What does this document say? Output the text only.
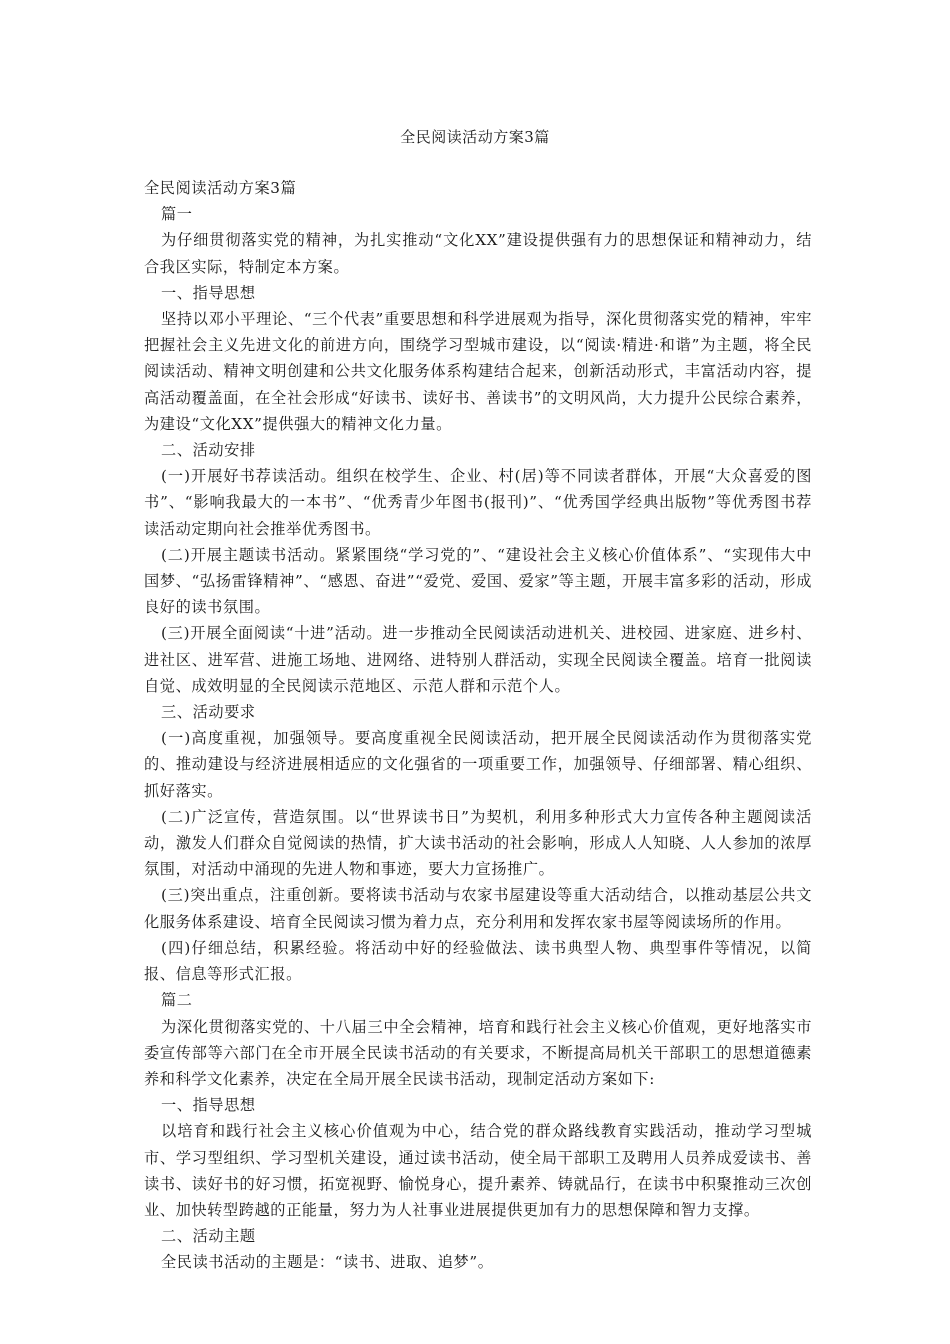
全民阅读活动方案3篇

全民阅读活动方案3篇

篇一

为仔细贯彻落实党的精神，为扎实推动“文化XX”建设提供强有力的思想保证和精神动力，结合我区实际，特制定本方案。

一、指导思想

坚持以邓小平理论、“三个代表”重要思想和科学进展观为指导，深化贯彻落实党的精神，牢牢把握社会主义先进文化的前进方向，围绕学习型城市建设，以“阅读·精进·和谐”为主题，将全民阅读活动、精神文明创建和公共文化服务体系构建结合起来，创新活动形式，丰富活动内容，提高活动覆盖面，在全社会形成“好读书、读好书、善读书”的文明风尚，大力提升公民综合素养，为建设“文化XX”提供强大的精神文化力量。

二、活动安排

(一)开展好书荐读活动。组织在校学生、企业、村(居)等不同读者群体，开展“大众喜爱的图书”、“影响我最大的一本书”、“优秀青少年图书(报刊)”、“优秀国学经典出版物”等优秀图书荐读活动定期向社会推举优秀图书。

(二)开展主题读书活动。紧紧围绕“学习党的”、“建设社会主义核心价值体系”、“实现伟大中国梦、“弘扬雷锋精神”、“感恩、奋进”“爱党、爱国、爱家”等主题，开展丰富多彩的活动，形成良好的读书氛围。

(三)开展全面阅读“十进”活动。进一步推动全民阅读活动进机关、进校园、进家庭、进乡村、进社区、进军营、进施工场地、进网络、进特别人群活动，实现全民阅读全覆盖。培育一批阅读自觉、成效明显的全民阅读示范地区、示范人群和示范个人。

三、活动要求

(一)高度重视，加强领导。要高度重视全民阅读活动，把开展全民阅读活动作为贯彻落实党的、推动建设与经济进展相适应的文化强省的一项重要工作，加强领导、仔细部署、精心组织、抓好落实。

(二)广泛宣传，营造氛围。以“世界读书日”为契机，利用多种形式大力宣传各种主题阅读活动，激发人们群众自觉阅读的热情，扩大读书活动的社会影响，形成人人知晓、人人参加的浓厚氛围，对活动中涌现的先进人物和事迹，要大力宣扬推广。

(三)突出重点，注重创新。要将读书活动与农家书屋建设等重大活动结合，以推动基层公共文化服务体系建设、培育全民阅读习惯为着力点，充分利用和发挥农家书屋等阅读场所的作用。

(四)仔细总结，积累经验。将活动中好的经验做法、读书典型人物、典型事件等情况，以简报、信息等形式汇报。

篇二

为深化贯彻落实党的、十八届三中全会精神，培育和践行社会主义核心价值观，更好地落实市委宣传部等六部门在全市开展全民读书活动的有关要求，不断提高局机关干部职工的思想道德素养和科学文化素养，决定在全局开展全民读书活动，现制定活动方案如下:

一、指导思想

以培育和践行社会主义核心价值观为中心，结合党的群众路线教育实践活动，推动学习型城市、学习型组织、学习型机关建设，通过读书活动，使全局干部职工及聘用人员养成爱读书、善读书、读好书的好习惯，拓宽视野、愉悦身心，提升素养、铸就品行，在读书中积聚推动三次创业、加快转型跨越的正能量，努力为人社事业进展提供更加有力的思想保障和智力支撑。

二、活动主题

全民读书活动的主题是：“读书、进取、追梦”。
